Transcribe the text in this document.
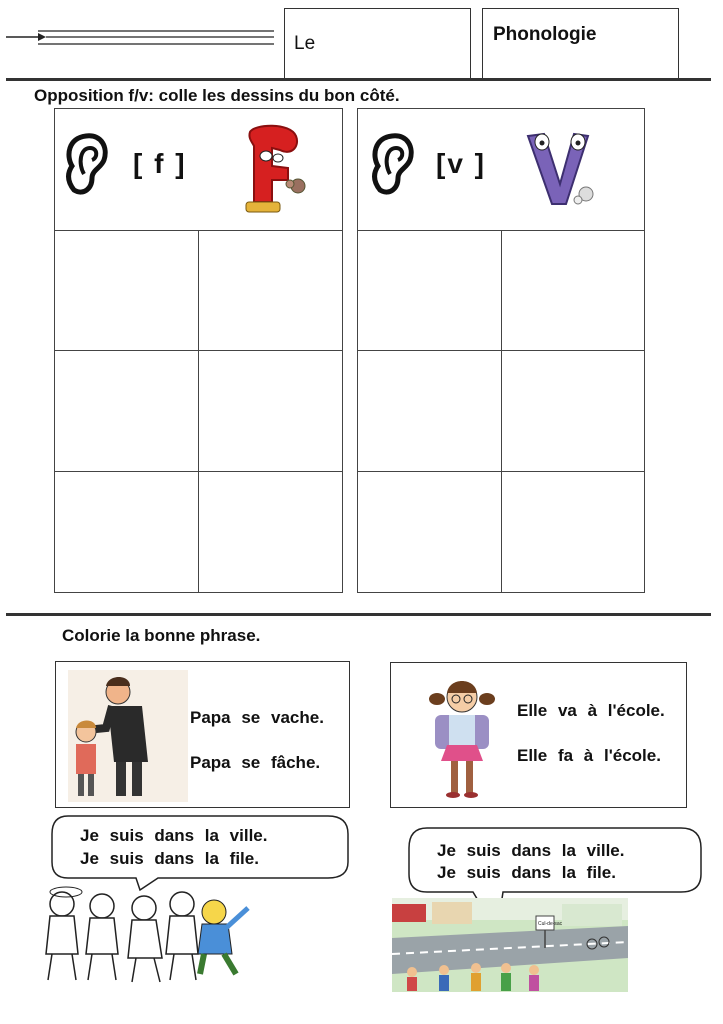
Le	Phonologie
Opposition f/v: colle les dessins du bon côté.
[ f ]	[v ]
Colorie la bonne phrase.
Papa se vache.
Papa se fâche.
Elle va à l'école.
Elle fa à l'école.
Je suis dans la ville.
Je suis dans la file.	Je suis dans la ville.
Je suis dans la file.
Cul-de-sac
